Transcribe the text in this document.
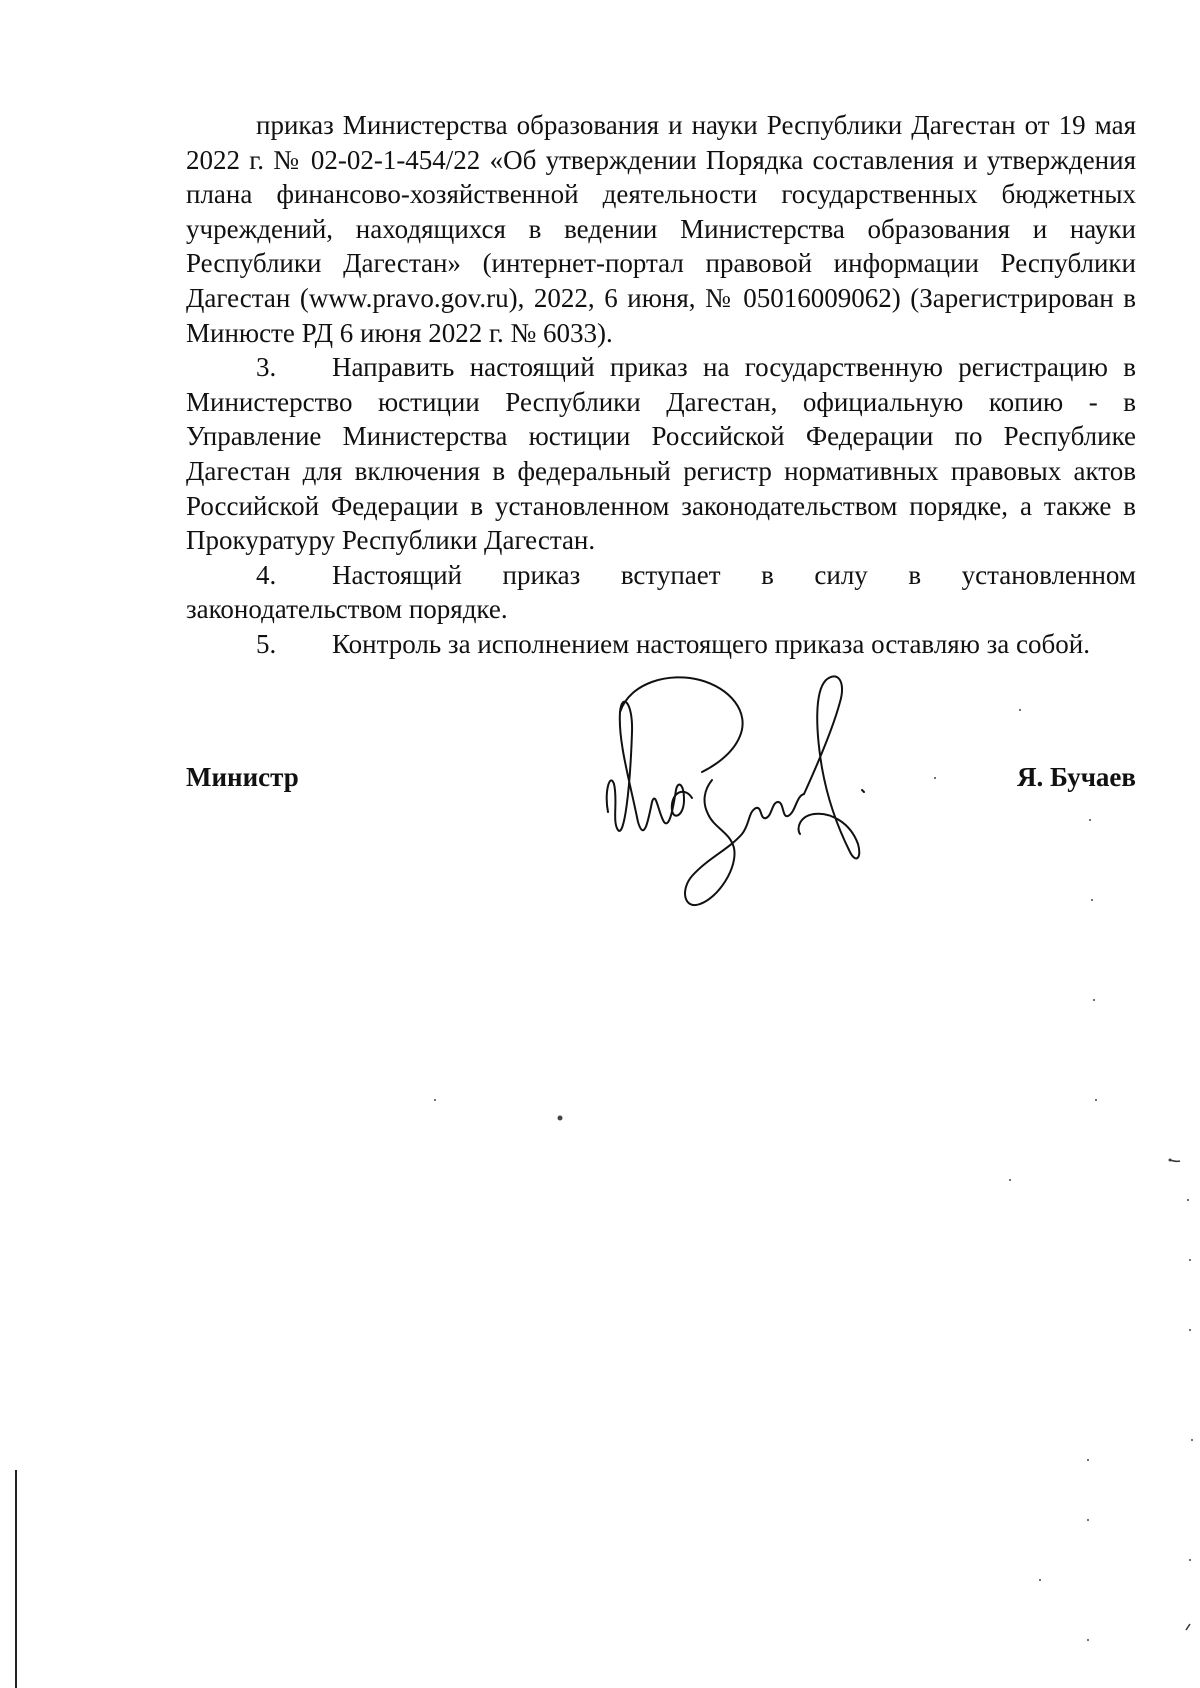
приказ Министерства образования и науки Республики Дагестан от 19 мая 2022 г. № 02-02-1-454/22 «Об утверждении Порядка составления и утверждения плана финансово-хозяйственной деятельности государственных бюджетных учреждений, находящихся в ведении Министерства образования и науки Республики Дагестан» (интернет-портал правовой информации Республики Дагестан (www.pravo.gov.ru), 2022, 6 июня, № 05016009062) (Зарегистрирован в Минюсте РД 6 июня 2022 г. № 6033).

3. Направить настоящий приказ на государственную регистрацию в Министерство юстиции Республики Дагестан, официальную копию - в Управление Министерства юстиции Российской Федерации по Республике Дагестан для включения в федеральный регистр нормативных правовых актов Российской Федерации в установленном законодательством порядке, а также в Прокуратуру Республики Дагестан.

4. Настоящий приказ вступает в силу в установленном законодательством порядке.

5. Контроль за исполнением настоящего приказа оставляю за собой.

Министр	Я. Бучаев
